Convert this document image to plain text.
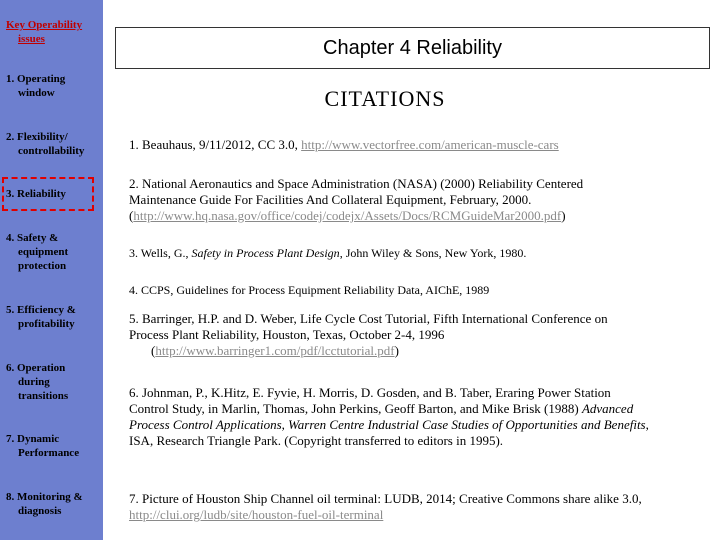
Key Operability
issues
1. Operating
window
2. Flexibility/
controllability
3. Reliability
4. Safety &
equipment protection
5. Efficiency &
profitability
6. Operation
during transitions
7. Dynamic
Performance
8. Monitoring &
diagnosis
Chapter 4 Reliability
CITATIONS
1. Beauhaus, 9/11/2012, CC 3.0, http://www.vectorfree.com/american-muscle-cars
2. National Aeronautics and Space Administration (NASA) (2000) Reliability Centered Maintenance Guide For Facilities And Collateral Equipment, February, 2000. (http://www.hq.nasa.gov/office/codej/codejx/Assets/Docs/RCMGuideMar2000.pdf)
3. Wells, G., Safety in Process Plant Design, John Wiley & Sons, New York, 1980.
4. CCPS, Guidelines for Process Equipment Reliability Data, AIChE, 1989
5. Barringer, H.P. and D. Weber, Life Cycle Cost Tutorial, Fifth International Conference on Process Plant Reliability, Houston, Texas, October 2-4, 1996
(http://www.barringer1.com/pdf/lcctutorial.pdf)
6. Johnman, P., K.Hitz, E. Fyvie, H. Morris, D. Gosden, and B. Taber, Eraring Power Station Control Study, in Marlin, Thomas, John Perkins, Geoff Barton, and Mike Brisk (1988) Advanced Process Control Applications, Warren Centre Industrial Case Studies of Opportunities and Benefits, ISA, Research Triangle Park. (Copyright transferred to editors in 1995).
7. Picture of Houston Ship Channel oil terminal: LUDB, 2014; Creative Commons share alike 3.0, http://clui.org/ludb/site/houston-fuel-oil-terminal
